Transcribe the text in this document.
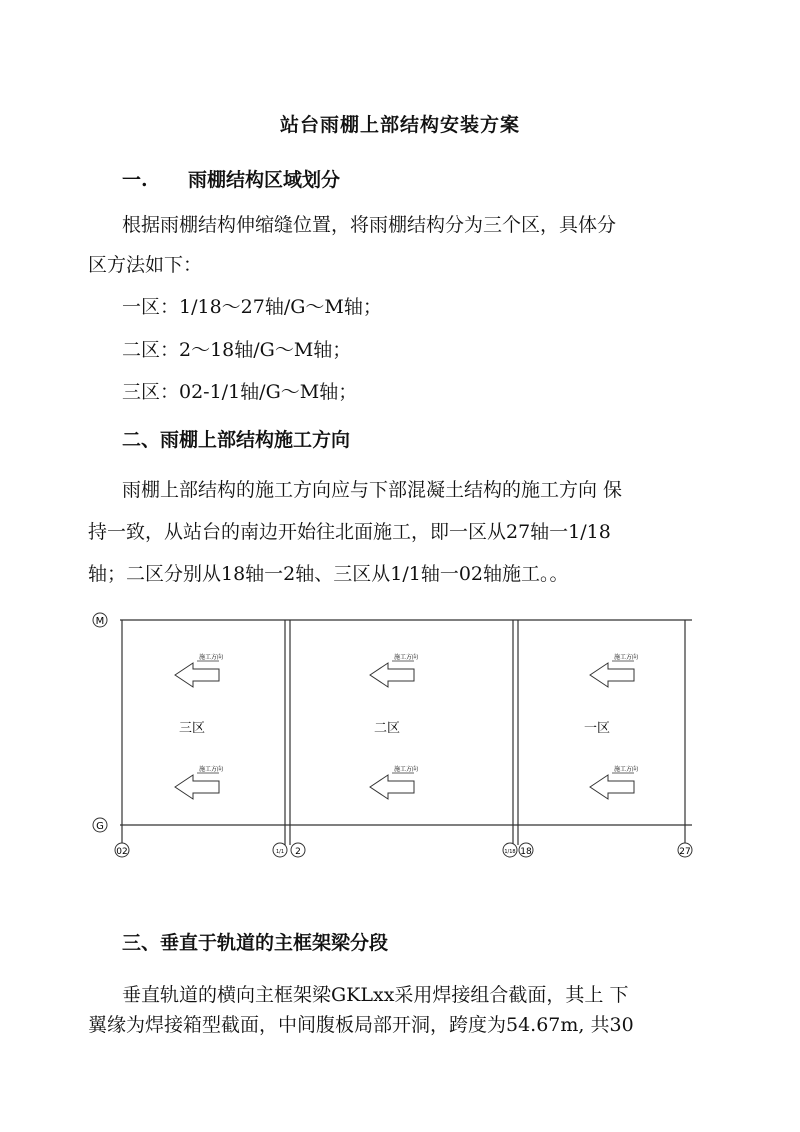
站台雨棚上部结构安装方案
一. 雨棚结构区域划分
根据雨棚结构伸缩缝位置，将雨棚结构分为三个区，具体分
区方法如下：
一区：1/18～27轴/G～M轴；
二区：2～18轴/G～M轴；
三区：02-1/1轴/G～M轴；
二、雨棚上部结构施工方向
雨棚上部结构的施工方向应与下部混凝土结构的施工方向 保
持一致，从站台的南边开始往北面施工，即一区从27轴一1/18
轴；二区分别从18轴一2轴、三区从1/1轴一02轴施工。。
M
G
02	1/1 2	1/18 18	27
施工方向
施工方向
施工方向
施工方向
施工方向
施工方向
三区	二区	一区
三、垂直于轨道的主框架梁分段
垂直轨道的横向主框架梁GKLxx采用焊接组合截面，其上 下
翼缘为焊接箱型截面，中间腹板局部开洞，跨度为54.67m, 共30
